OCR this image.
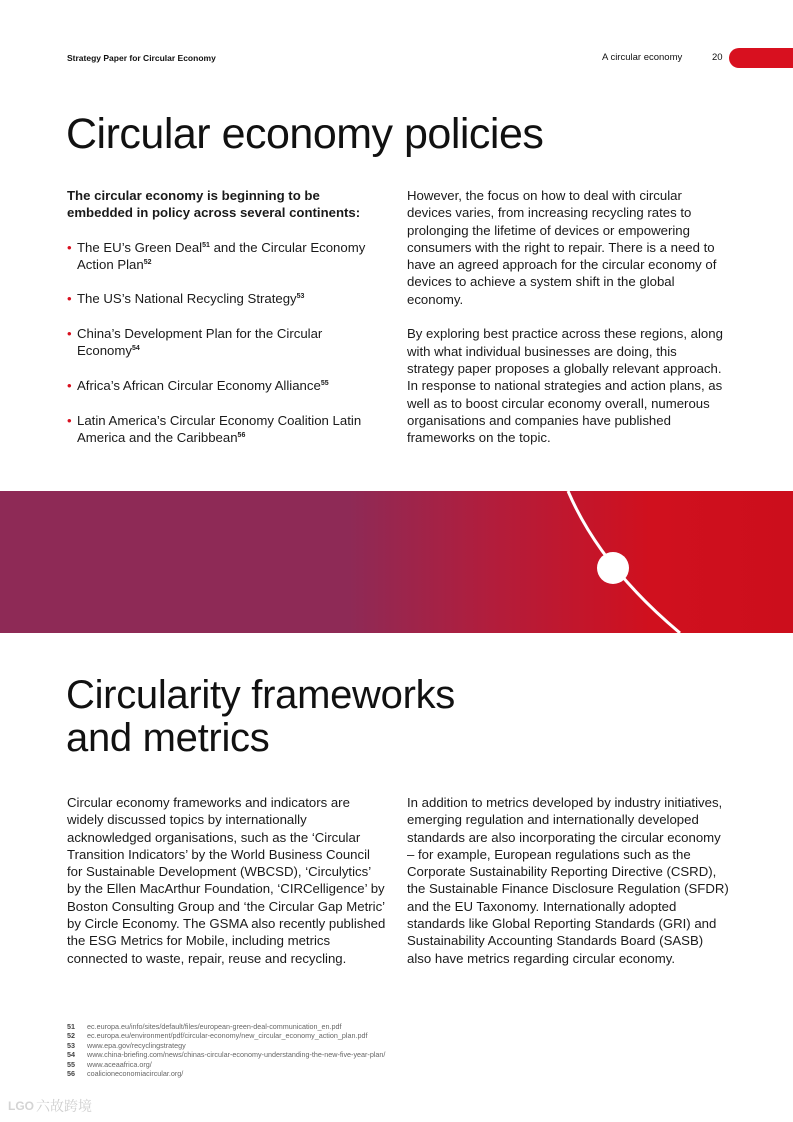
Strategy Paper for Circular Economy	A circular economy	20
Circular economy policies
The circular economy is beginning to be embedded in policy across several continents:
• The EU’s Green Deal$^{51}$ and the Circular Economy Action Plan$^{52}$
• The US’s National Recycling Strategy$^{53}$
• China’s Development Plan for the Circular Economy$^{54}$
• Africa’s African Circular Economy Alliance$^{55}$
• Latin America’s Circular Economy Coalition Latin America and the Caribbean$^{56}$
However, the focus on how to deal with circular devices varies, from increasing recycling rates to prolonging the lifetime of devices or empowering consumers with the right to repair. There is a need to have an agreed approach for the circular economy of devices to achieve a system shift in the global economy.
By exploring best practice across these regions, along with what individual businesses are doing, this strategy paper proposes a globally relevant approach. In response to national strategies and action plans, as well as to boost circular economy overall, numerous organisations and companies have published frameworks on the topic.
Circularity frameworks
and metrics
Circular economy frameworks and indicators are widely discussed topics by internationally acknowledged organisations, such as the ‘Circular Transition Indicators’ by the World Business Council for Sustainable Development (WBCSD), ‘Circulytics’ by the Ellen MacArthur Foundation, ‘CIRCelligence’ by Boston Consulting Group and ‘the Circular Gap Metric’ by Circle Economy. The GSMA also recently published the ESG Metrics for Mobile, including metrics connected to waste, repair, reuse and recycling.
In addition to metrics developed by industry initiatives, emerging regulation and internationally developed standards are also incorporating the circular economy – for example, European regulations such as the Corporate Sustainability Reporting Directive (CSRD), the Sustainable Finance Disclosure Regulation (SFDR) and the EU Taxonomy. Internationally adopted standards like Global Reporting Standards (GRI) and Sustainability Accounting Standards Board (SASB) also have metrics regarding circular economy.
51	ec.europa.eu/info/sites/default/files/european-green-deal-communication_en.pdf
52	ec.europa.eu/environment/pdf/circular-economy/new_circular_economy_action_plan.pdf
53	www.epa.gov/recyclingstrategy
54	www.china-briefing.com/news/chinas-circular-economy-understanding-the-new-five-year-plan/
55	www.aceaafrica.org/
56	coalicioneconomiacircular.org/
LGO 六故跨境
